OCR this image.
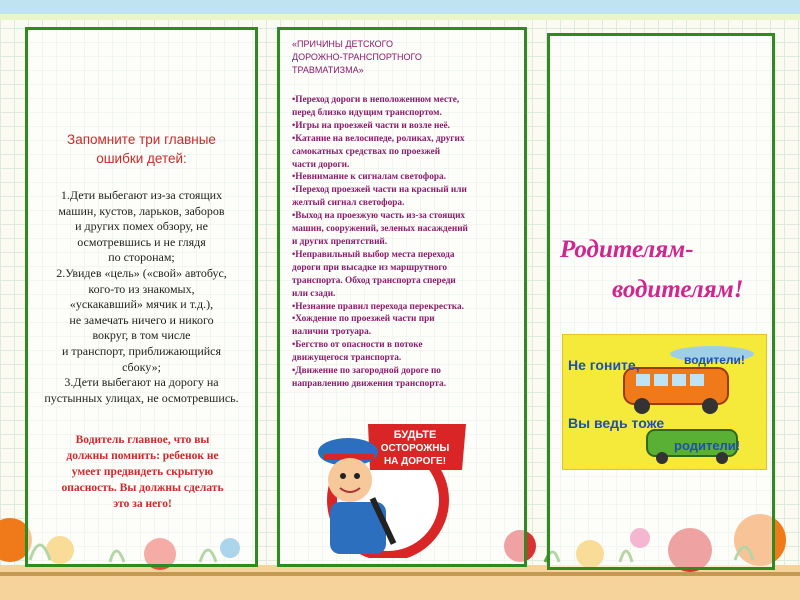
Запомните три главные
ошибки детей:
1.Дети выбегают из-за стоящих
машин, кустов, ларьков, заборов
и других помех обзору, не
осмотревшись и не глядя
по сторонам;
2.Увидев «цель» («свой» автобус,
кого-то из знакомых,
«ускакавший» мячик и т.д.),
не замечать ничего и никого
вокруг, в том числе
и транспорт, приближающийся
сбоку»;
3.Дети выбегают на дорогу на
пустынных улицах, не осмотревшись.
Водитель главное, что вы
должны помнить: ребенок не
умеет предвидеть скрытую
опасность. Вы должны сделать
это за него!
«ПРИЧИНЫ ДЕТСКОГО
ДОРОЖНО-ТРАНСПОРТНОГО
ТРАВМАТИЗМА»
•Переход дороги в неположенном месте,
перед близко идущим транспортом.
•Игры на проезжей части и возле неё.
•Катание на велосипеде, роликах, других
самокатных средствах по проезжей
части дороги.
•Невнимание к сигналам светофора.
•Переход проезжей части на красный или
желтый сигнал светофора.
•Выход на проезжую часть из-за стоящих
машин, сооружений, зеленых насаждений
и других препятствий.
•Неправильный выбор места перехода
дороги при высадке из маршрутного
транспорта. Обход транспорта спереди
или сзади.
•Незнание правил перехода перекрестка.
•Хождение по проезжей части при
наличии тротуара.
•Бегство от опасности в потоке
движущегося транспорта.
•Движение по загородной дороге по
направлению движения транспорта.
БУДЬТЕ
ОСТОРОЖНЫ
НА ДОРОГЕ!
Родителям-
водителям!
Не гоните,	водители!
Вы ведь тоже
родители!
